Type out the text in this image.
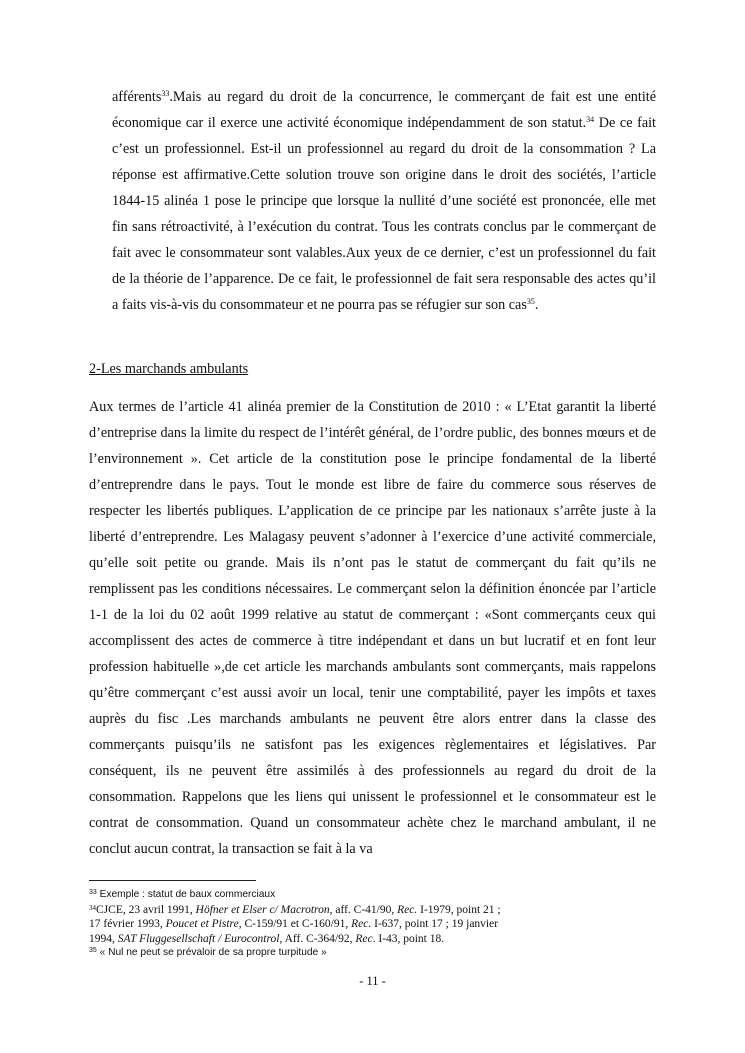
afférents$^{33}$.Mais au regard du droit de la concurrence, le commerçant de fait est une entité économique car il exerce une activité économique indépendamment de son statut.$^{34}$ De ce fait c’est un professionnel. Est-il un professionnel au regard du droit de la consommation ? La réponse est affirmative.Cette solution trouve son origine dans le droit des sociétés, l’article 1844-15 alinéa 1 pose le principe que lorsque la nullité d’une société est prononcée, elle met fin sans rétroactivité, à l’exécution du contrat. Tous les contrats conclus par le commerçant de fait avec le consommateur sont valables.Aux yeux de ce dernier, c’est un professionnel du fait de la théorie de l’apparence. De ce fait, le professionnel de fait sera responsable des actes qu’il a faits vis-à-vis du consommateur et ne pourra pas se réfugier sur son cas$^{35}$.

2-Les marchands ambulants

Aux termes de l’article 41 alinéa premier de la Constitution de 2010 : « L’Etat garantit la liberté d’entreprise dans la limite du respect de l’intérêt général, de l’ordre public, des bonnes mœurs et de l’environnement ». Cet article de la constitution pose le principe fondamental de la liberté d’entreprendre dans le pays. Tout le monde est libre de faire du commerce sous réserves de respecter les libertés publiques. L’application de ce principe par les nationaux s’arrête juste à la liberté d’entreprendre. Les Malagasy peuvent s’adonner à l’exercice d’une activité commerciale, qu’elle soit petite ou grande. Mais ils n’ont pas le statut de commerçant du fait qu’ils ne remplissent pas les conditions nécessaires. Le commerçant selon la définition énoncée par l’article 1-1 de la loi du 02 août 1999 relative au statut de commerçant : «Sont commerçants ceux qui accomplissent des actes de commerce à titre indépendant et dans un but lucratif et en font leur profession habituelle »,de cet article les marchands ambulants sont commerçants, mais rappelons qu’être commerçant c’est aussi avoir un local, tenir une comptabilité, payer les impôts et taxes auprès du fisc .Les marchands ambulants ne peuvent être alors entrer dans la classe des commerçants puisqu’ils ne satisfont pas les exigences règlementaires et législatives. Par conséquent, ils ne peuvent être assimilés à des professionnels au regard du droit de la consommation. Rappelons que les liens qui unissent le professionnel et le consommateur est le contrat de consommation. Quand un consommateur achète chez le marchand ambulant, il ne conclut aucun contrat, la transaction se fait à la va

$^{33}$ Exemple : statut de baux commerciaux

$^{34}$CJCE, 23 avril 1991, Höfner et Elser c/ Macrotron, aff. C-41/90, Rec. I-1979, point 21 ;
17 février 1993, Poucet et Pistre, C-159/91 et C-160/91, Rec. I-637, point 17 ; 19 janvier
1994, SAT Fluggesellschaft / Eurocontrol, Aff. C-364/92, Rec. I-43, point 18.

$^{35}$ « Nul ne peut se prévaloir de sa propre turpitude »

- 11 -
